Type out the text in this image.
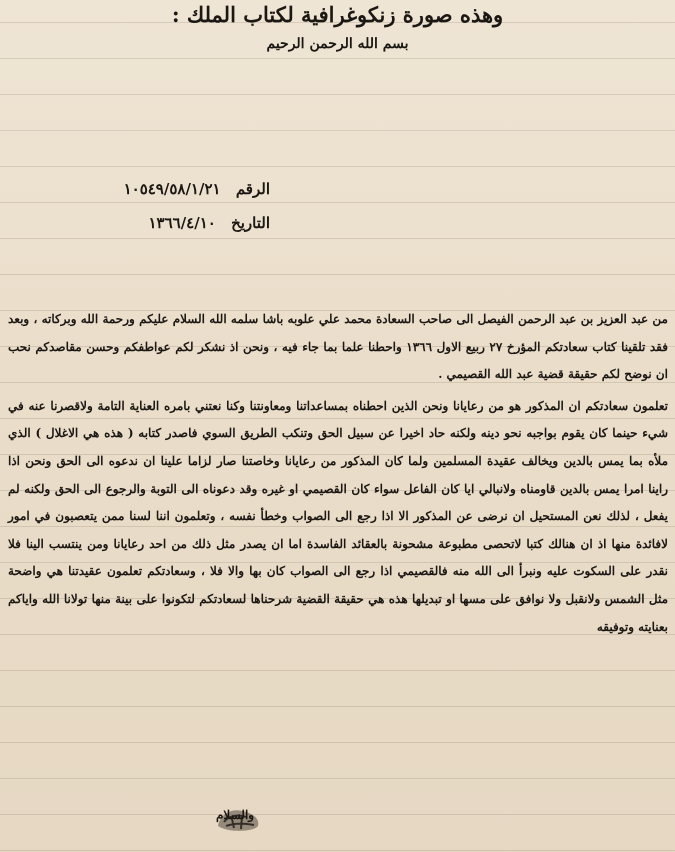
وهذه صورة زنكوغرافية لكتاب الملك :
بسم الله الرحمن الرحيم
الرقم ١٠٥٤٩/٥٨/١/٢١
التاريخ ١٣٦٦/٤/١٠

من عبد العزيز بن عبد الرحمن الفيصل الى صاحب السعادة محمد علي علوبه باشا سلمه الله السلام عليكم ورحمة الله وبركاته ، وبعد فقد تلقينا كتاب سعادتكم المؤرخ ٢٧ ربيع الاول ١٣٦٦ واحطنا علما بما جاء فيه ، ونحن اذ نشكر لكم عواطفكم وحسن مقاصدكم نحب ان نوضح لكم حقيقة قضية عبد الله القصيمي .

تعلمون سعادتكم ان المذكور هو من رعايانا ونحن الذين احطناه بمساعداتنا ومعاونتنا وكنا نعتني بامره العناية التامة ولاقصرنا عنه في شيء حينما كان يقوم بواجبه نحو دينه ولكنه حاد اخيرا عن سبيل الحق وتنكب الطريق السوي فاصدر كتابه ( هذه هي الاغلال ) الذي ملأه بما يمس بالدين ويخالف عقيدة المسلمين ولما كان المذكور من رعايانا وخاصتنا صار لزاما علينا ان ندعوه الى الحق ونحن اذا راينا امرا يمس بالدين قاومناه ولانبالي ايا كان الفاعل سواء كان القصيمي او غيره وقد دعوناه الى التوبة والرجوع الى الحق ولكنه لم يفعل ، لذلك نعن المستحيل ان نرضى عن المذكور الا اذا رجع الى الصواب وخطأ نفسه ، وتعلمون اننا لسنا ممن يتعصبون في امور لافائدة منها اذ ان هنالك كتبا لاتحصى مطبوعة مشحونة بالعقائد الفاسدة اما ان يصدر مثل ذلك من احد رعايانا ومن ينتسب الينا فلا نقدر على السكوت عليه ونبرأ الى الله منه فالقصيمي اذا رجع الى الصواب كان بها والا فلا ، وسعادتكم تعلمون عقيدتنا هي واضحة مثل الشمس ولانقبل ولا نوافق على مسها او تبديلها هذه هي حقيقة القضية شرحناها لسعادتكم لتكونوا على بينة منها تولانا الله واياكم بعنايته وتوفيقه

والسلام
